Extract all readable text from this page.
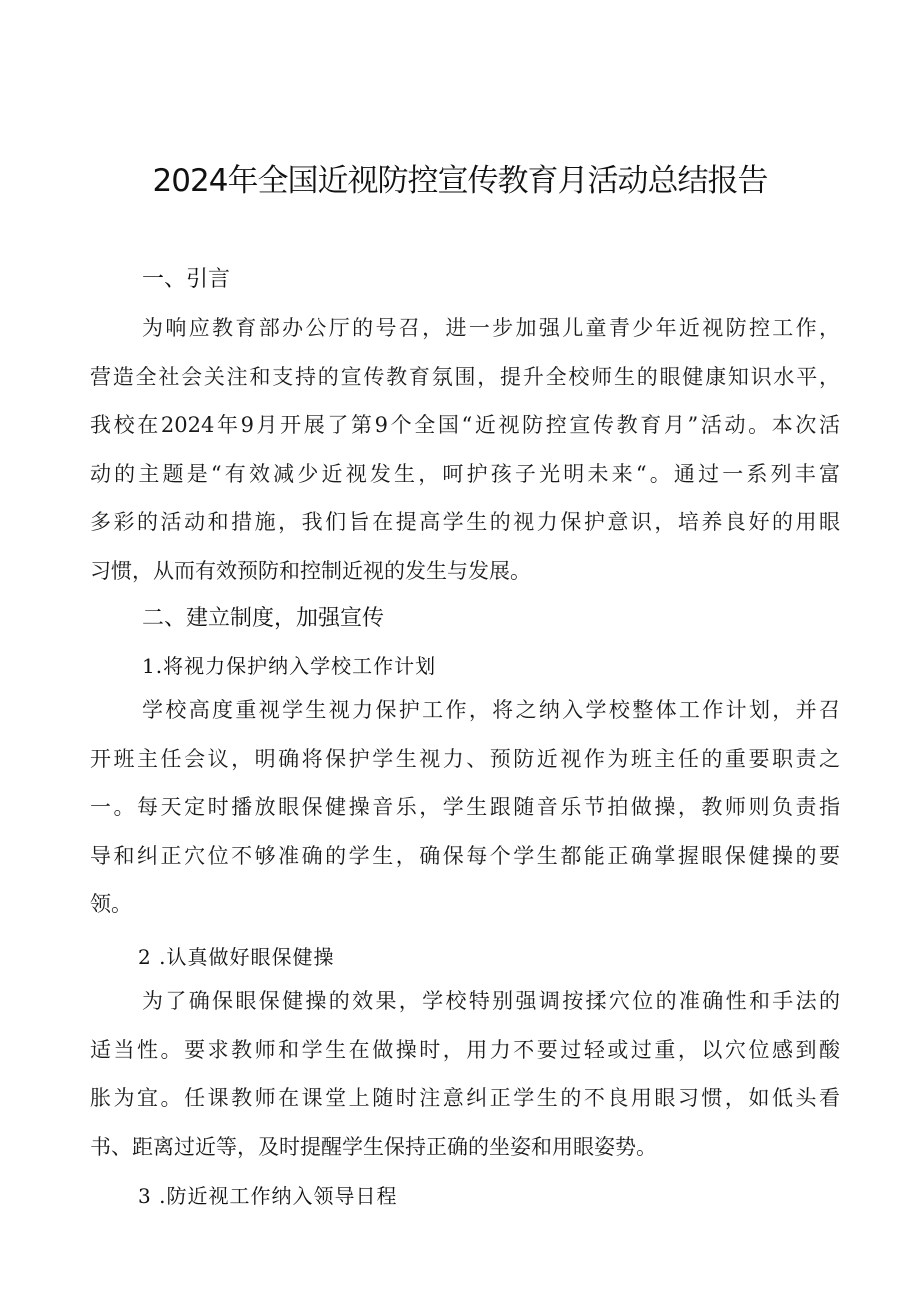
2024年全国近视防控宣传教育月活动总结报告
一、引言
为响应教育部办公厅的号召，进一步加强儿童青少年近视防控工作，
营造全社会关注和支持的宣传教育氛围，提升全校师生的眼健康知识水平，
我校在2024年9月开展了第9个全国“近视防控宣传教育月”活动。本次活
动的主题是“有效减少近视发生，呵护孩子光明未来“。通过一系列丰富
多彩的活动和措施，我们旨在提高学生的视力保护意识，培养良好的用眼
习惯，从而有效预防和控制近视的发生与发展。
二、建立制度，加强宣传
1.将视力保护纳入学校工作计划
学校高度重视学生视力保护工作，将之纳入学校整体工作计划，并召
开班主任会议，明确将保护学生视力、预防近视作为班主任的重要职责之
一。每天定时播放眼保健操音乐，学生跟随音乐节拍做操，教师则负责指
导和纠正穴位不够准确的学生，确保每个学生都能正确掌握眼保健操的要
领。
2 .认真做好眼保健操
为了确保眼保健操的效果，学校特别强调按揉穴位的准确性和手法的
适当性。要求教师和学生在做操时，用力不要过轻或过重，以穴位感到酸
胀为宜。任课教师在课堂上随时注意纠正学生的不良用眼习惯，如低头看
书、距离过近等，及时提醒学生保持正确的坐姿和用眼姿势。
3 .防近视工作纳入领导日程
